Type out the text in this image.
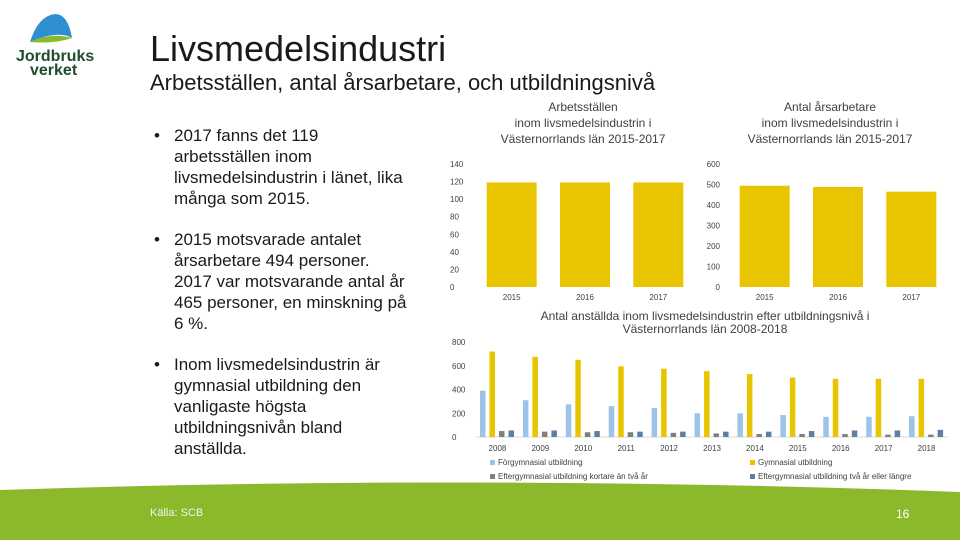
Jordbruks
verket
Livsmedelsindustri
Arbetsställen, antal årsarbetare, och utbildningsnivå
• 2017 fanns det 119 arbetsställen inom livsmedelsindustrin i länet, lika många som 2015.
• 2015 motsvarade antalet årsarbetare 494 personer. 2017 var motsvarande antal år 465 personer, en minskning på 6 %.
• Inom livsmedelsindustrin är gymnasial utbildning den vanligaste högsta utbildningsnivån bland anställda.
Arbetsställen
inom livsmedelsindustrin i
Västernorrlands län 2015-2017
0
20
40
60
80
100
120
140
2015	2016	2017
Antal årsarbetare
inom livsmedelsindustrin i
Västernorrlands län 2015-2017
0
100
200
300
400
500
600
2015	2016	2017
Antal anställda inom livsmedelsindustrin efter utbildningsnivå i
Västernorrlands län 2008-2018
0
200
400
600
800
2008	2009	2010	2011	2012	2013	2014	2015	2016	2017	2018
Förgymnasial utbildning	Gymnasial utbildning
Eftergymnasial utbildning kortare än två år	Eftergymnasial utbildning två år eller längre
Källa: SCB	16
